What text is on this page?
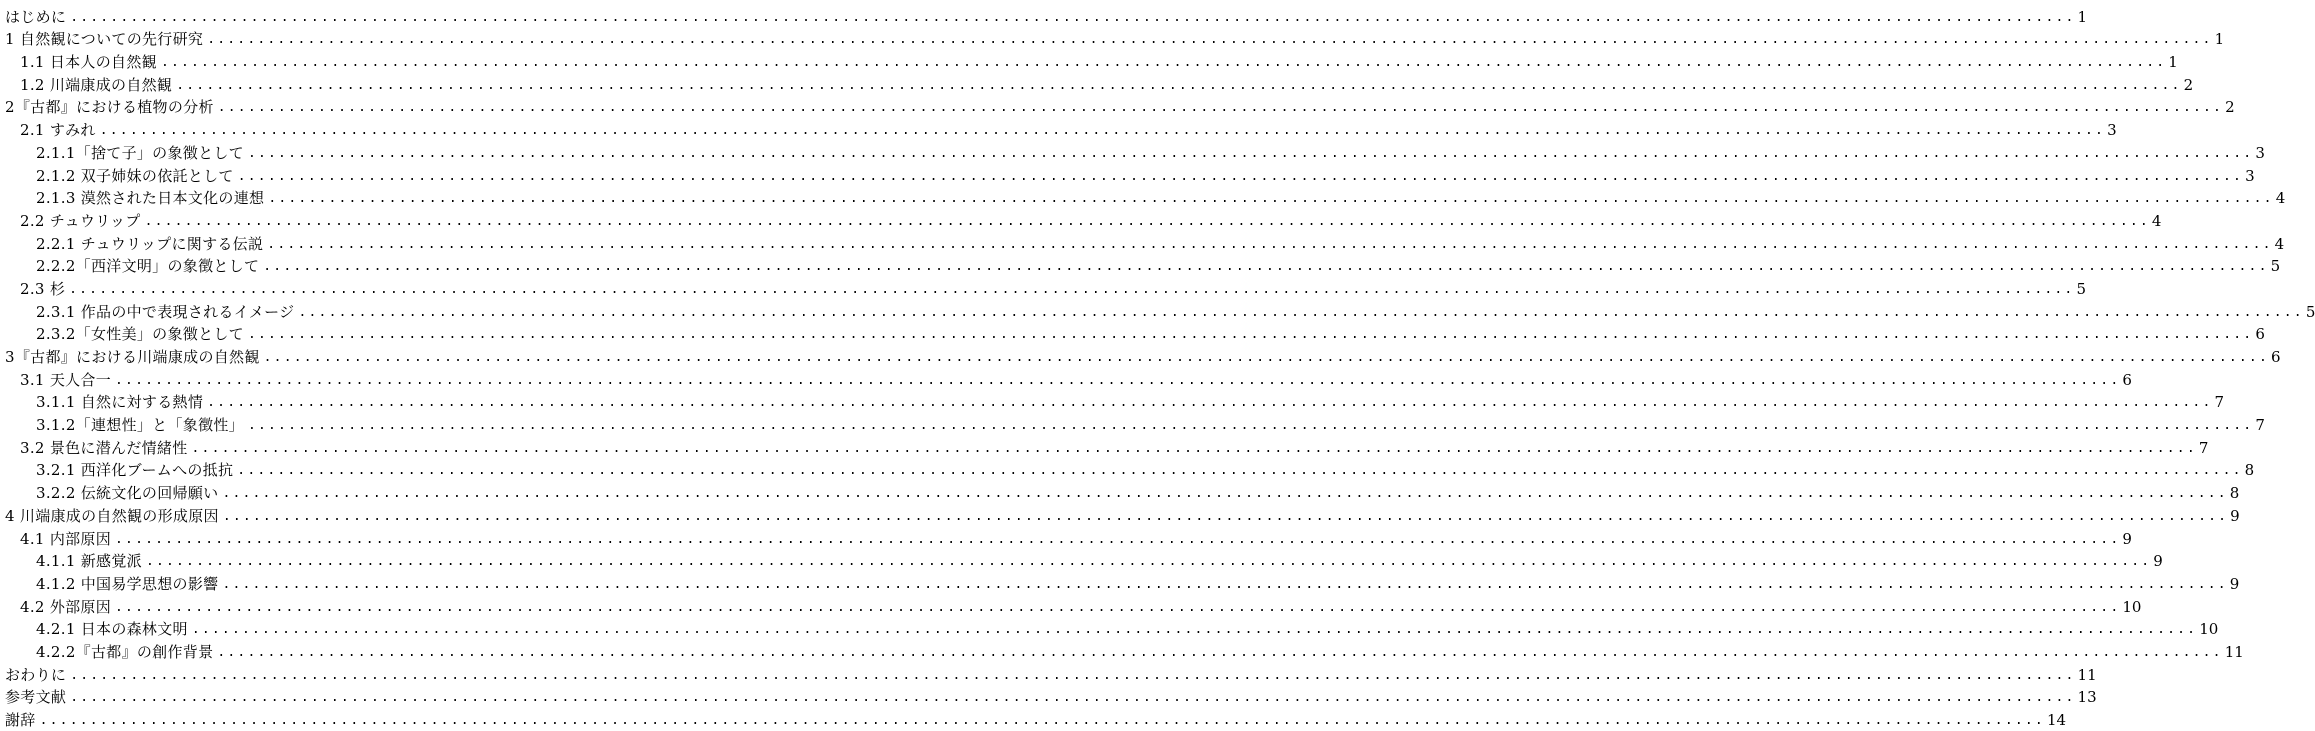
はじめに ........................................................................................................................................................................................................ 1
1 自然観についての先行研究 ........................................................................................................................................................................................................ 1
1.1 日本人の自然観 ........................................................................................................................................................................................................ 1
1.2 川端康成の自然観 ........................................................................................................................................................................................................ 2
2『古都』における植物の分析 ........................................................................................................................................................................................................ 2
2.1 すみれ ........................................................................................................................................................................................................ 3
2.1.1「捨て子」の象徴として ........................................................................................................................................................................................................ 3
2.1.2 双子姉妹の依託として ........................................................................................................................................................................................................ 3
2.1.3 漠然された日本文化の連想 ........................................................................................................................................................................................................ 4
2.2 チュウリップ ........................................................................................................................................................................................................ 4
2.2.1 チュウリップに関する伝説 ........................................................................................................................................................................................................ 4
2.2.2「西洋文明」の象徴として ........................................................................................................................................................................................................ 5
2.3 杉 ........................................................................................................................................................................................................ 5
2.3.1 作品の中で表現されるイメージ ........................................................................................................................................................................................................ 5
2.3.2「女性美」の象徴として ........................................................................................................................................................................................................ 6
3『古都』における川端康成の自然観 ........................................................................................................................................................................................................ 6
3.1 天人合一 ........................................................................................................................................................................................................ 6
3.1.1 自然に対する熱情 ........................................................................................................................................................................................................ 7
3.1.2「連想性」と「象徴性」 ........................................................................................................................................................................................................ 7
3.2 景色に潜んだ情緒性 ........................................................................................................................................................................................................ 7
3.2.1 西洋化ブームへの抵抗 ........................................................................................................................................................................................................ 8
3.2.2 伝統文化の回帰願い ........................................................................................................................................................................................................ 8
4 川端康成の自然観の形成原因 ........................................................................................................................................................................................................ 9
4.1 内部原因 ........................................................................................................................................................................................................ 9
4.1.1 新感覚派 ........................................................................................................................................................................................................ 9
4.1.2 中国易学思想の影響 ........................................................................................................................................................................................................ 9
4.2 外部原因 ........................................................................................................................................................................................................ 10
4.2.1 日本の森林文明 ........................................................................................................................................................................................................ 10
4.2.2『古都』の創作背景 ........................................................................................................................................................................................................ 11
おわりに ........................................................................................................................................................................................................ 11
参考文献 ........................................................................................................................................................................................................ 13
謝辞 ........................................................................................................................................................................................................ 14
